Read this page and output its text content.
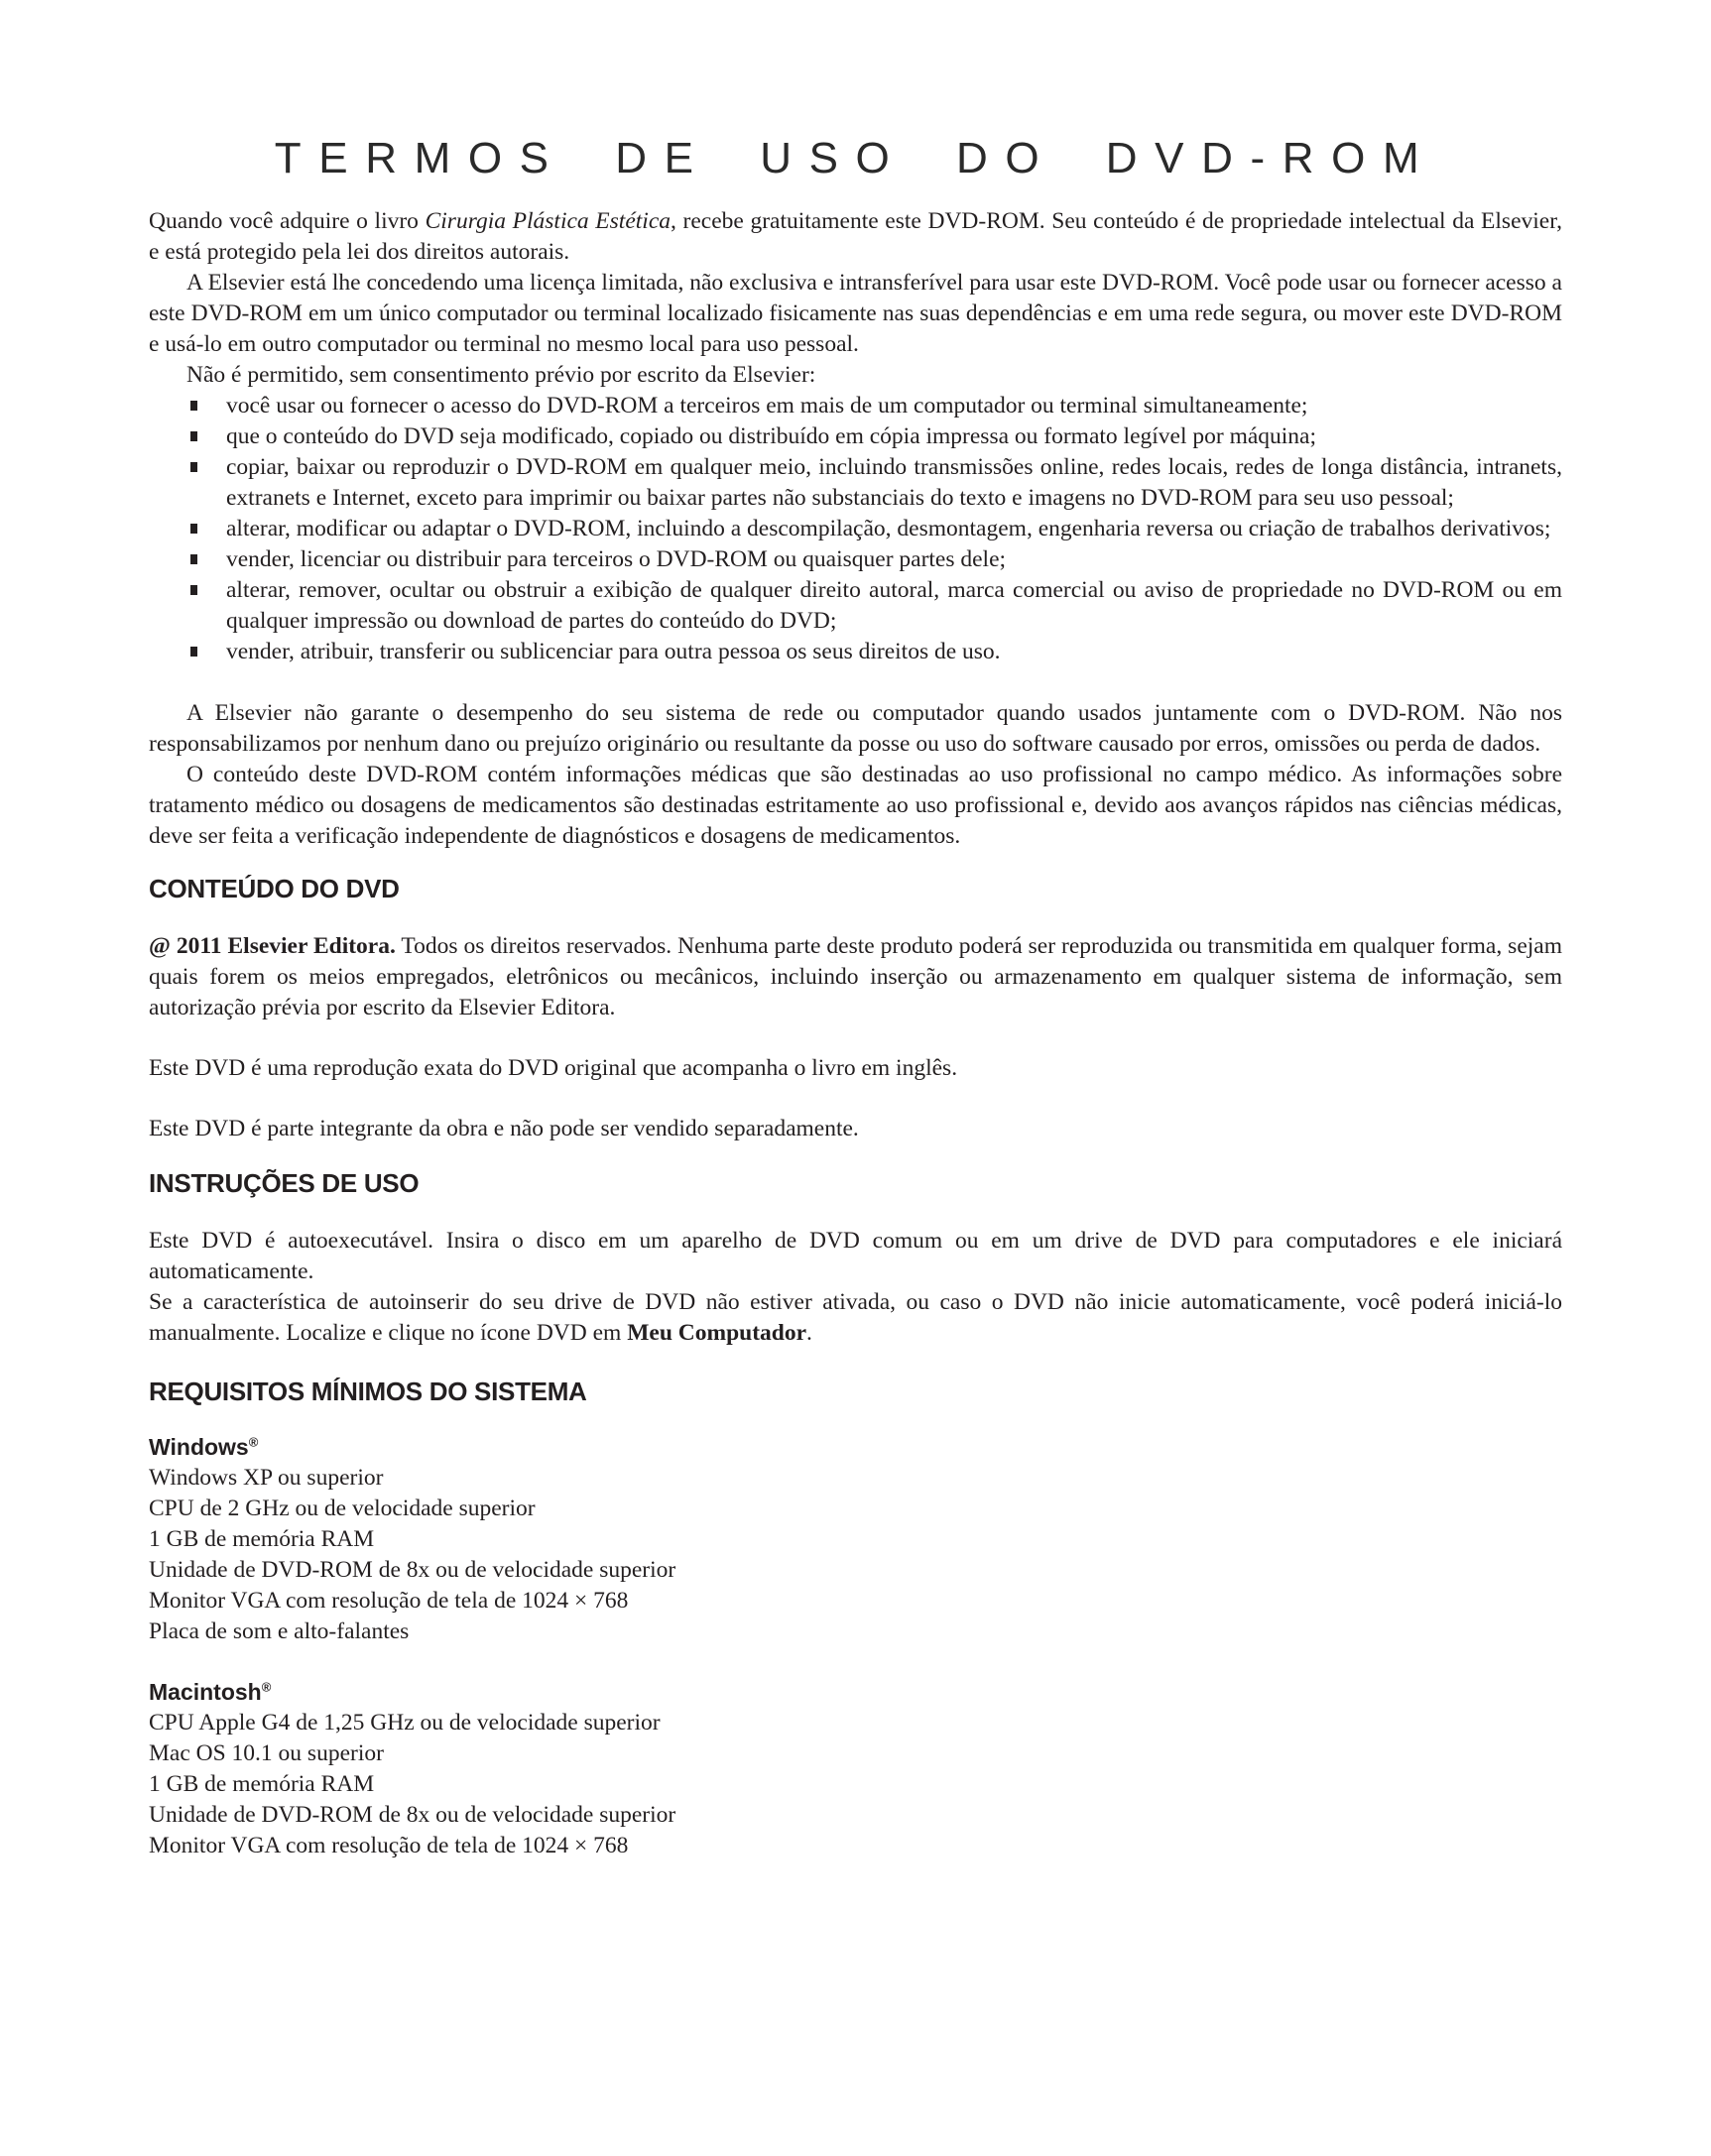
TERMOS DE USO DO DVD-ROM

Quando você adquire o livro Cirurgia Plástica Estética, recebe gratuitamente este DVD-ROM. Seu conteúdo é de propriedade intelectual da Elsevier, e está protegido pela lei dos direitos autorais.

A Elsevier está lhe concedendo uma licença limitada, não exclusiva e intransferível para usar este DVD-ROM. Você pode usar ou fornecer acesso a este DVD-ROM em um único computador ou terminal localizado fisicamente nas suas dependências e em uma rede segura, ou mover este DVD-ROM e usá-lo em outro computador ou terminal no mesmo local para uso pessoal.

Não é permitido, sem consentimento prévio por escrito da Elsevier:

você usar ou fornecer o acesso do DVD-ROM a terceiros em mais de um computador ou terminal simultaneamente;
que o conteúdo do DVD seja modificado, copiado ou distribuído em cópia impressa ou formato legível por máquina;
copiar, baixar ou reproduzir o DVD-ROM em qualquer meio, incluindo transmissões online, redes locais, redes de longa distância, intranets, extranets e Internet, exceto para imprimir ou baixar partes não substanciais do texto e imagens no DVD-ROM para seu uso pessoal;
alterar, modificar ou adaptar o DVD-ROM, incluindo a descompilação, desmontagem, engenharia reversa ou criação de trabalhos derivativos;
vender, licenciar ou distribuir para terceiros o DVD-ROM ou quaisquer partes dele;
alterar, remover, ocultar ou obstruir a exibição de qualquer direito autoral, marca comercial ou aviso de propriedade no DVD-ROM ou em qualquer impressão ou download de partes do conteúdo do DVD;
vender, atribuir, transferir ou sublicenciar para outra pessoa os seus direitos de uso.

A Elsevier não garante o desempenho do seu sistema de rede ou computador quando usados juntamente com o DVD-ROM. Não nos responsabilizamos por nenhum dano ou prejuízo originário ou resultante da posse ou uso do software causado por erros, omissões ou perda de dados.

O conteúdo deste DVD-ROM contém informações médicas que são destinadas ao uso profissional no campo médico. As informações sobre tratamento médico ou dosagens de medicamentos são destinadas estritamente ao uso profissional e, devido aos avanços rápidos nas ciências médicas, deve ser feita a verificação independente de diagnósticos e dosagens de medicamentos.

CONTEÚDO DO DVD

@ 2011 Elsevier Editora. Todos os direitos reservados. Nenhuma parte deste produto poderá ser reproduzida ou transmitida em qualquer forma, sejam quais forem os meios empregados, eletrônicos ou mecânicos, incluindo inserção ou armazenamento em qualquer sistema de informação, sem autorização prévia por escrito da Elsevier Editora.

Este DVD é uma reprodução exata do DVD original que acompanha o livro em inglês.

Este DVD é parte integrante da obra e não pode ser vendido separadamente.

INSTRUÇÕES DE USO

Este DVD é autoexecutável. Insira o disco em um aparelho de DVD comum ou em um drive de DVD para computadores e ele iniciará automaticamente.

Se a característica de autoinserir do seu drive de DVD não estiver ativada, ou caso o DVD não inicie automaticamente, você poderá iniciá-lo manualmente. Localize e clique no ícone DVD em Meu Computador.

REQUISITOS MÍNIMOS DO SISTEMA
Windows®

Windows XP ou superior

CPU de 2 GHz ou de velocidade superior

1 GB de memória RAM

Unidade de DVD-ROM de 8x ou de velocidade superior

Monitor VGA com resolução de tela de 1024 × 768

Placa de som e alto-falantes

Macintosh®

CPU Apple G4 de 1,25 GHz ou de velocidade superior

Mac OS 10.1 ou superior

1 GB de memória RAM

Unidade de DVD-ROM de 8x ou de velocidade superior

Monitor VGA com resolução de tela de 1024 × 768
